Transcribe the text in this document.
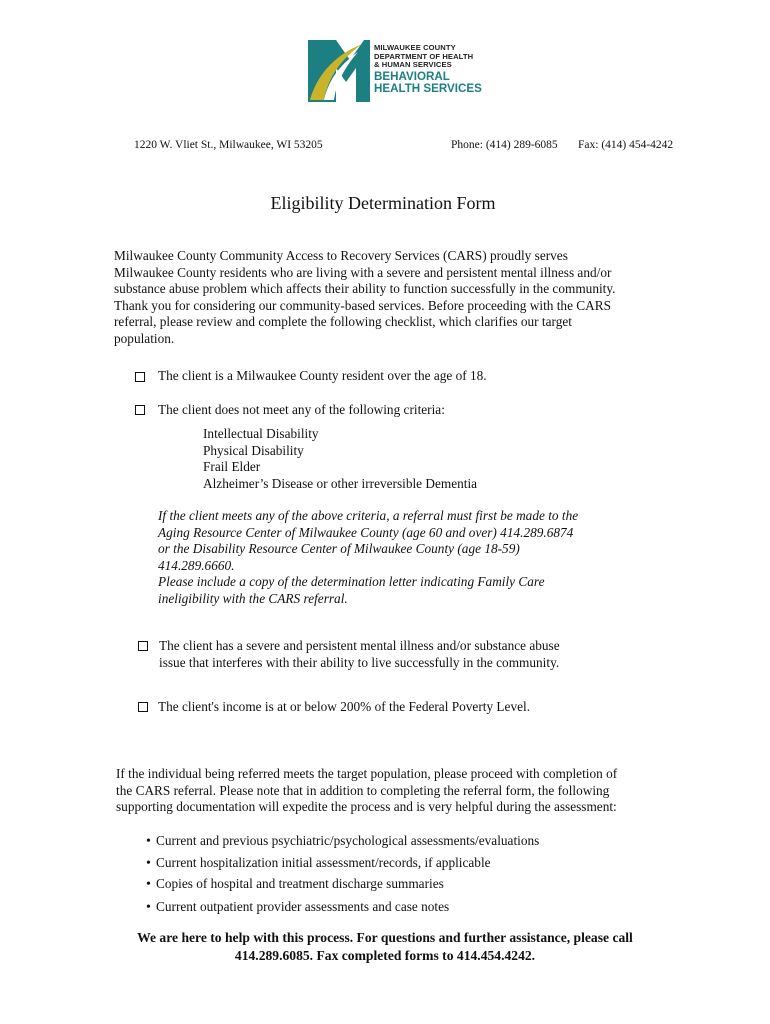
MILWAUKEE COUNTY
DEPARTMENT OF HEALTH
& HUMAN SERVICES
BEHAVIORAL
HEALTH SERVICES
1220 W. Vliet St., Milwaukee, WI 53205	Phone: (414) 289-6085 Fax: (414) 454-4242
Eligibility Determination Form
Milwaukee County Community Access to Recovery Services (CARS) proudly serves
Milwaukee County residents who are living with a severe and persistent mental illness and/or
substance abuse problem which affects their ability to function successfully in the community.
Thank you for considering our community-based services. Before proceeding with the CARS
referral, please review and complete the following checklist, which clarifies our target
population.
The client is a Milwaukee County resident over the age of 18.
The client does not meet any of the following criteria:
Intellectual Disability
Physical Disability
Frail Elder
Alzheimer’s Disease or other irreversible Dementia
If the client meets any of the above criteria, a referral must first be made to the
Aging Resource Center of Milwaukee County (age 60 and over) 414.289.6874
or the Disability Resource Center of Milwaukee County (age 18-59)
414.289.6660.
Please include a copy of the determination letter indicating Family Care
ineligibility with the CARS referral.
The client has a severe and persistent mental illness and/or substance abuse
issue that interferes with their ability to live successfully in the community.
The client's income is at or below 200% of the Federal Poverty Level.
If the individual being referred meets the target population, please proceed with completion of
the CARS referral. Please note that in addition to completing the referral form, the following
supporting documentation will expedite the process and is very helpful during the assessment:
• Current and previous psychiatric/psychological assessments/evaluations
• Current hospitalization initial assessment/records, if applicable
• Copies of hospital and treatment discharge summaries
• Current outpatient provider assessments and case notes
We are here to help with this process. For questions and further assistance, please call
414.289.6085. Fax completed forms to 414.454.4242.
